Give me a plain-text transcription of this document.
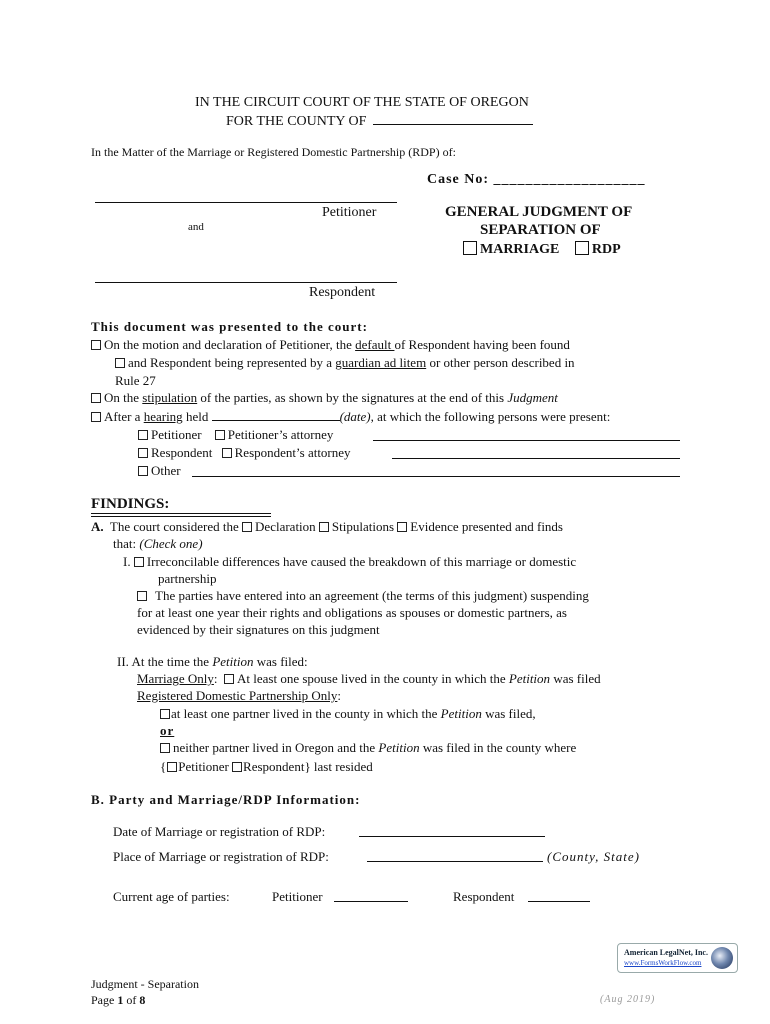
IN THE CIRCUIT COURT OF THE STATE OF OREGON
FOR THE COUNTY OF
In the Matter of the Marriage or Registered Domestic Partnership (RDP) of:
Case No: ___________________
Petitioner
and
Respondent
GENERAL JUDGMENT OF
SEPARATION OF
MARRIAGE RDP
This document was presented to the court:
On the motion and declaration of Petitioner, the default of Respondent having been found
and Respondent being represented by a guardian ad litem or other person described in
Rule 27
On the stipulation of the parties, as shown by the signatures at the end of this Judgment
After a hearing held	(date), at which the following persons were present:
Petitioner Petitioner’s attorney
Respondent Respondent’s attorney
Other
FINDINGS:
A. The court considered the Declaration Stipulations Evidence presented and finds
that: (Check one)
I. Irreconcilable differences have caused the breakdown of this marriage or domestic
partnership
The parties have entered into an agreement (the terms of this judgment) suspending
for at least one year their rights and obligations as spouses or domestic partners, as
evidenced by their signatures on this judgment
II. At the time the Petition was filed:
Marriage Only:  At least one spouse lived in the county in which the Petition was filed
Registered Domestic Partnership Only:
at least one partner lived in the county in which the Petition was filed,
or
neither partner lived in Oregon and the Petition was filed in the county where
{ Petitioner Respondent} last resided
B. Party and Marriage/RDP Information:
Date of Marriage or registration of RDP:
Place of Marriage or registration of RDP:	(County, State)
Current age of parties:	Petitioner	Respondent
American LegalNet, Inc.
www.FormsWorkFlow.com
Judgment - Separation
Page 1 of 8	(Aug 2019)
